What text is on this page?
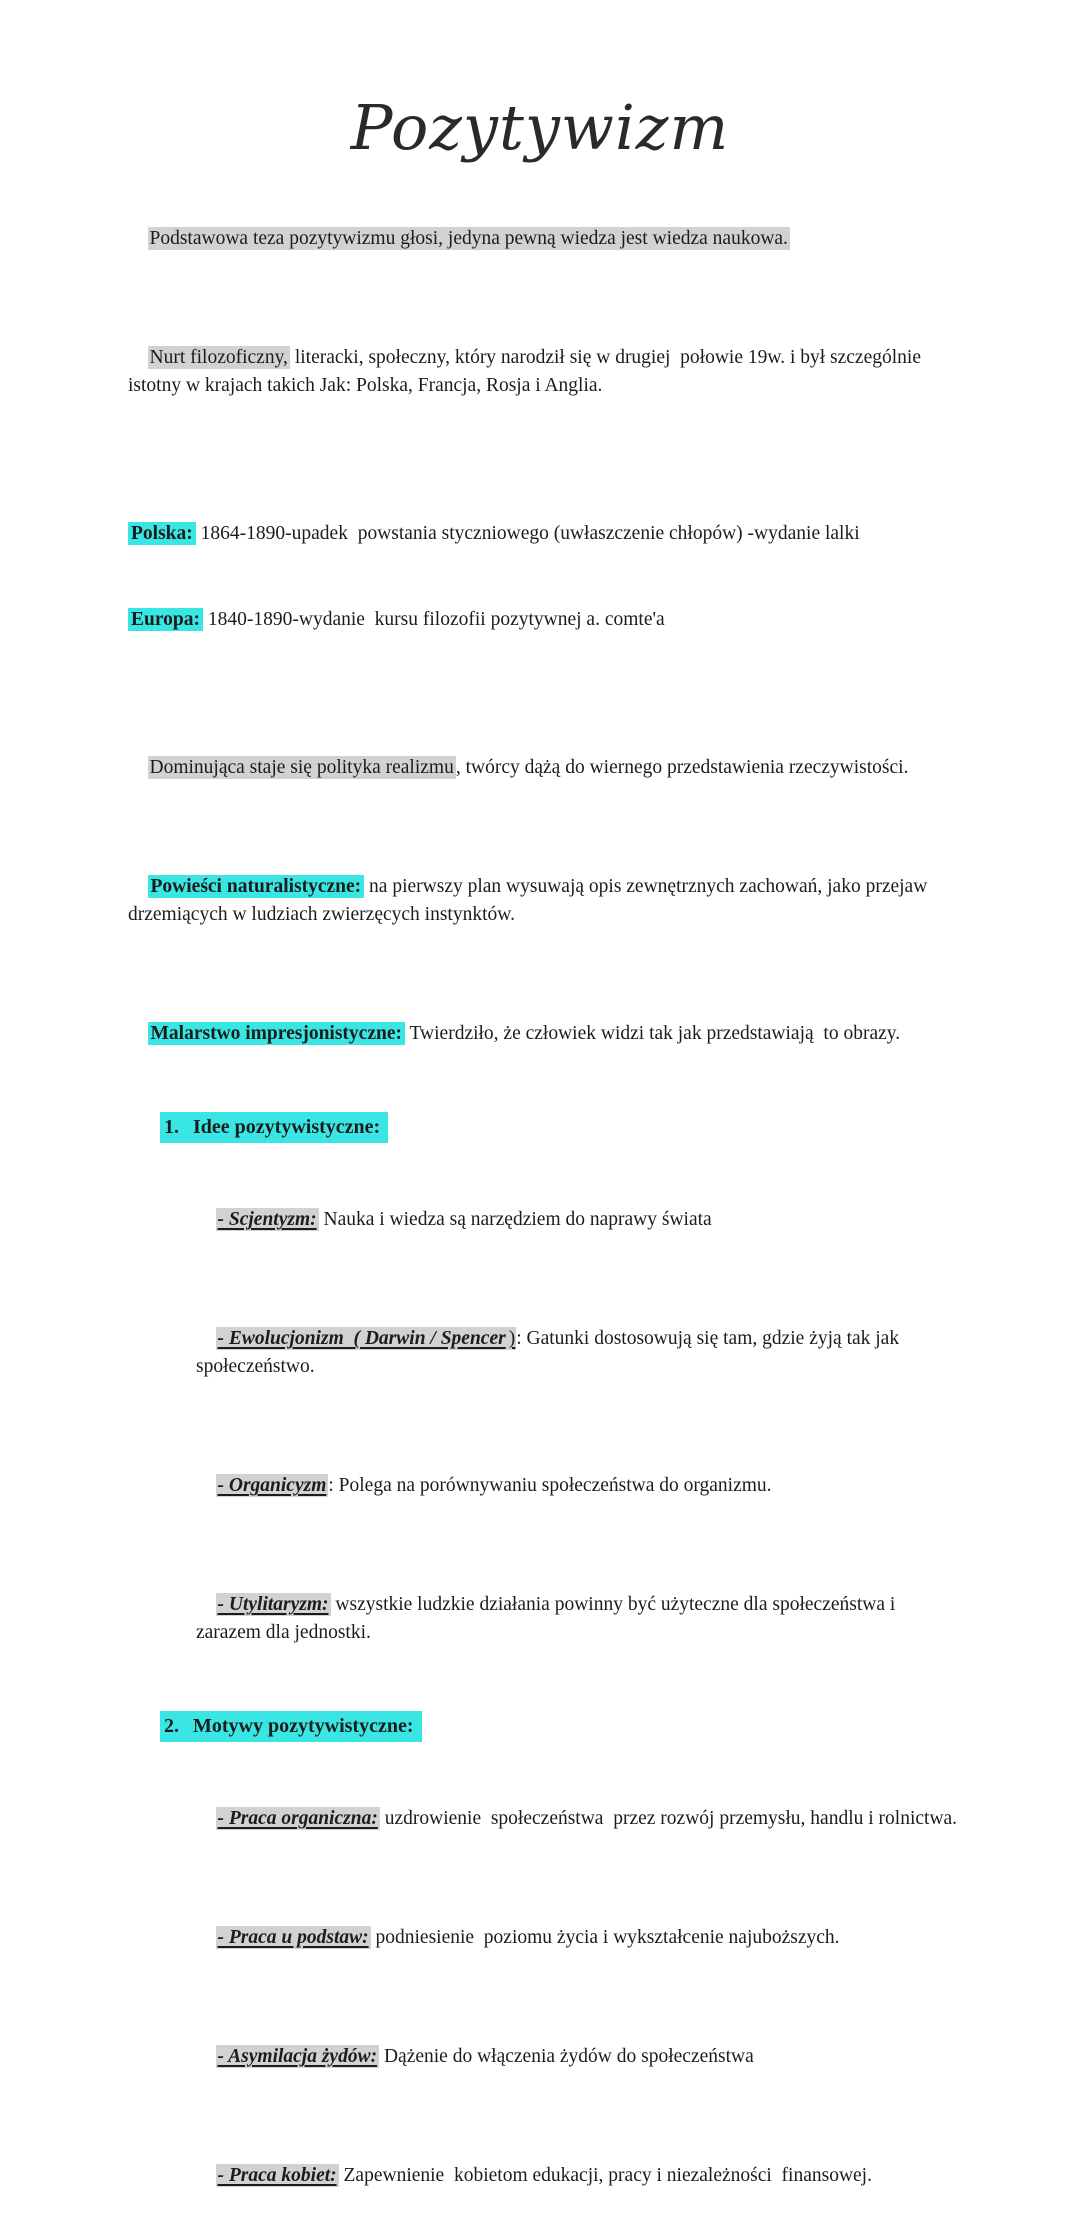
Pozytywizm

Podstawowa teza pozytywizmu głosi, jedyna pewną wiedza jest wiedza naukowa.

Nurt filozoficzny, literacki, społeczny, który narodził się w drugiej  połowie 19w. i był szczególnie istotny w krajach takich Jak: Polska, Francja, Rosja i Anglia.

Polska: 1864-1890-upadek  powstania styczniowego (uwłaszczenie chłopów) -wydanie lalki

Europa: 1840-1890-wydanie  kursu filozofii pozytywnej a. comte'a

Dominująca staje się polityka realizmu , twórcy dążą do wiernego przedstawienia rzeczywistości.

Powieści naturalistyczne: na pierwszy plan wysuwają opis zewnętrznych zachowań, jako przejaw drzemiących w ludziach zwierzęcych instynktów.

Malarstwo impresjonistyczne: Twierdziło, że człowiek widzi tak jak przedstawiają  to obrazy.

1. Idee pozytywistyczne:

- Scjentyzm: Nauka i wiedza są narzędziem do naprawy świata

- Ewolucjonizm  ( Darwin / Spencer ): Gatunki dostosowują się tam, gdzie żyją tak jak społeczeństwo.

- Organicyzm : Polega na porównywaniu społeczeństwa do organizmu.

- Utylitaryzm: wszystkie ludzkie działania powinny być użyteczne dla społeczeństwa i zarazem dla jednostki.

2. Motywy pozytywistyczne:

- Praca organiczna: uzdrowienie  społeczeństwa  przez rozwój przemysłu, handlu i rolnictwa.

- Praca u podstaw: podniesienie  poziomu życia i wykształcenie najuboższych.

- Asymilacja żydów: Dążenie do włączenia żydów do społeczeństwa

- Praca kobiet: Zapewnienie  kobietom edukacji, pracy i niezależności  finansowej.
